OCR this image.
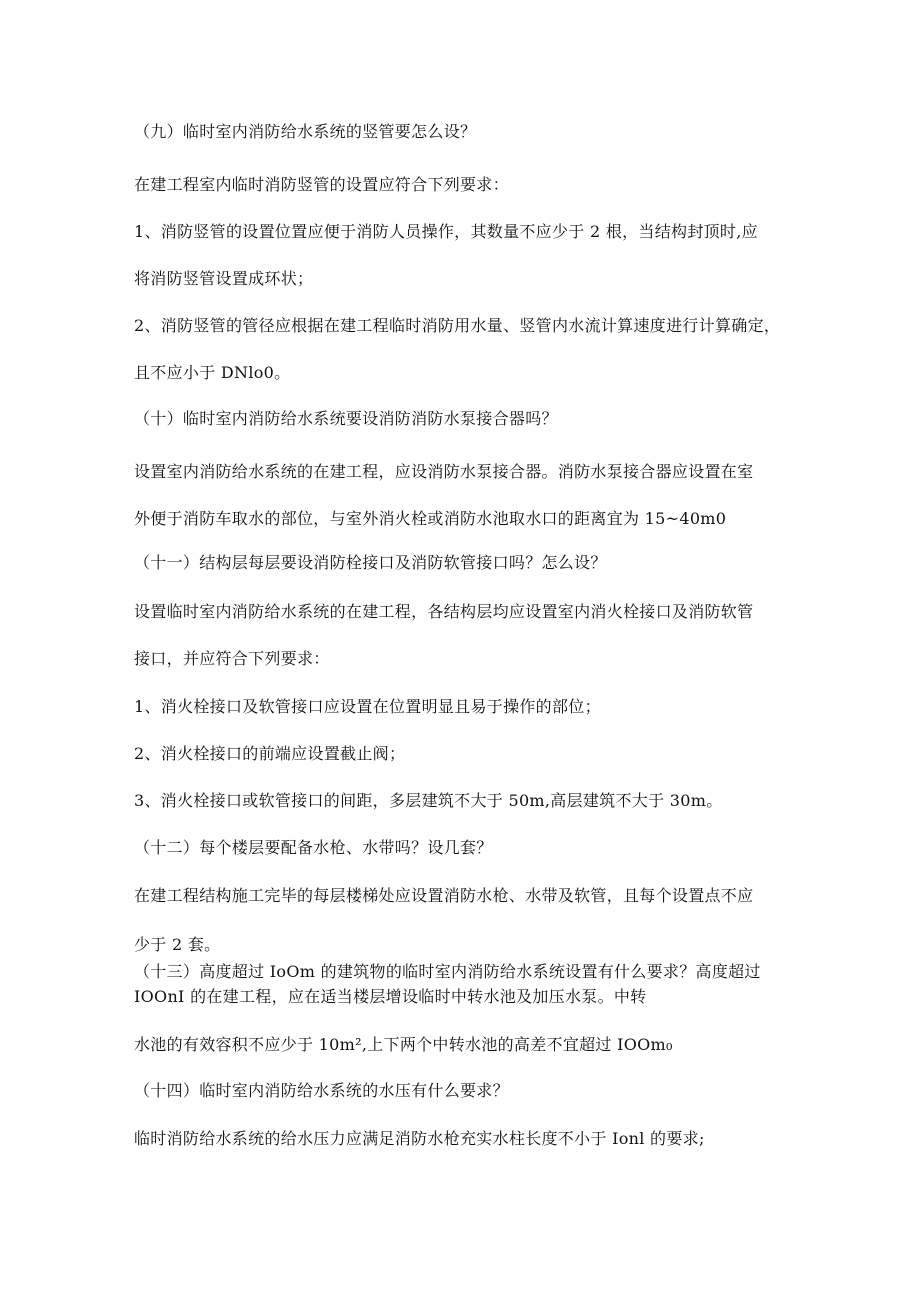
（九）临时室内消防给水系统的竖管要怎么设？
在建工程室内临时消防竖管的设置应符合下列要求：
1、消防竖管的设置位置应便于消防人员操作，其数量不应少于 2 根，当结构封顶时,应
将消防竖管设置成环状；
2、消防竖管的管径应根据在建工程临时消防用水量、竖管内水流计算速度进行计算确定，
且不应小于 DNlo0。
（十）临时室内消防给水系统要设消防消防水泵接合器吗？
设置室内消防给水系统的在建工程，应设消防水泵接合器。消防水泵接合器应设置在室
外便于消防车取水的部位，与室外消火栓或消防水池取水口的距离宜为 15~40m0
（十一）结构层每层要设消防栓接口及消防软管接口吗？怎么设？
设置临时室内消防给水系统的在建工程，各结构层均应设置室内消火栓接口及消防软管
接口，并应符合下列要求：
1、消火栓接口及软管接口应设置在位置明显且易于操作的部位；
2、消火栓接口的前端应设置截止阀；
3、消火栓接口或软管接口的间距，多层建筑不大于 50m,高层建筑不大于 30m。
（十二）每个楼层要配备水枪、水带吗？设几套？
在建工程结构施工完毕的每层楼梯处应设置消防水枪、水带及软管，且每个设置点不应
少于 2 套。
（十三）高度超过 IoOm 的建筑物的临时室内消防给水系统设置有什么要求？高度超过
IOOnI 的在建工程，应在适当楼层增设临时中转水池及加压水泵。中转
水池的有效容积不应少于 10m²,上下两个中转水池的高差不宜超过 IOOm₀
（十四）临时室内消防给水系统的水压有什么要求？
临时消防给水系统的给水压力应满足消防水枪充实水柱长度不小于 Ionl 的要求;
